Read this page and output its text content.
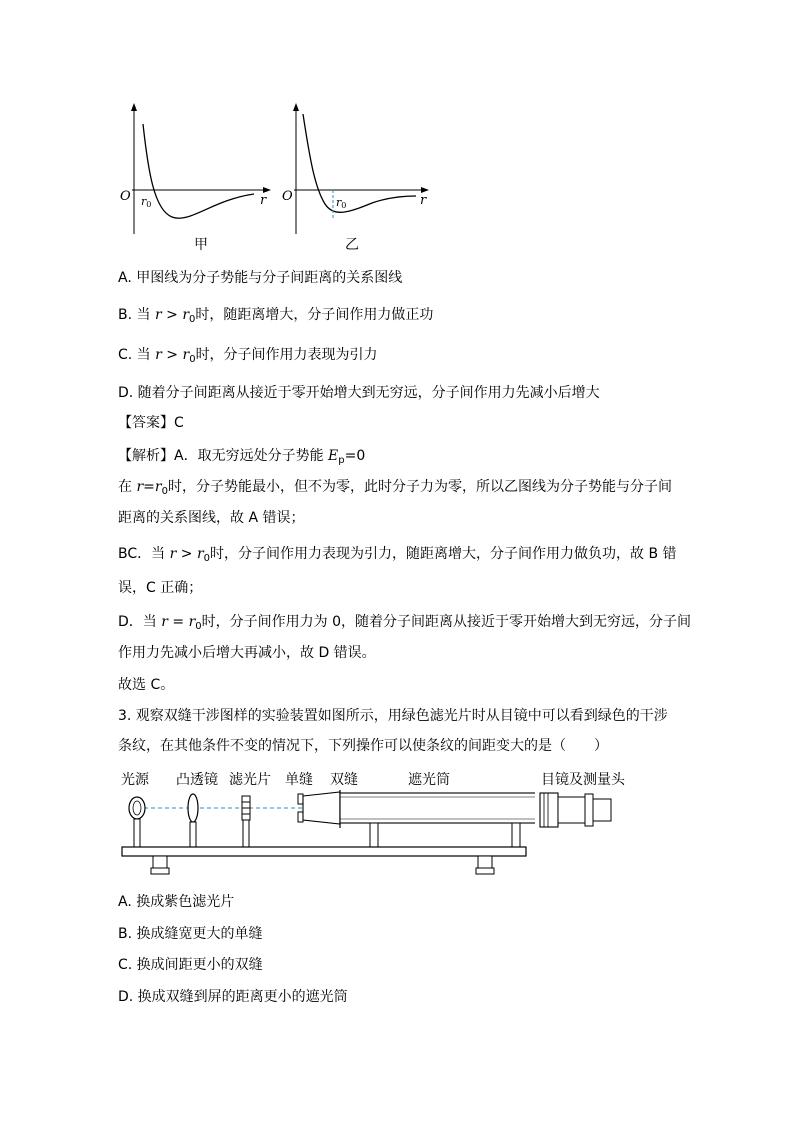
O r0	r O	r0	r
甲	乙
A. 甲图线为分子势能与分子间距离的关系图线
B. 当 $r > r_0$时，随距离增大，分子间作用力做正功
C. 当 $r > r_0$时，分子间作用力表现为引力
D. 随着分子间距离从接近于零开始增大到无穷远，分子间作用力先减小后增大
【答案】C
【解析】A．取无穷远处分子势能 $E_p=0$
在 $r=r_0$时，分子势能最小，但不为零，此时分子力为零，所以乙图线为分子势能与分子间
距离的关系图线，故 A 错误；
BC．当 $r > r_0$时，分子间作用力表现为引力，随距离增大，分子间作用力做负功，故 B 错
误，C 正确；
D．当 $r = r_0$时，分子间作用力为 0，随着分子间距离从接近于零开始增大到无穷远，分子间
作用力先减小后增大再减小，故 D 错误。
故选 C。
3. 观察双缝干涉图样的实验装置如图所示，用绿色滤光片时从目镜中可以看到绿色的干涉
条纹，在其他条件不变的情况下，下列操作可以使条纹的间距变大的是（　　）
光源 凸透镜 滤光片 单缝 双缝	遮光筒	目镜及测量头
A. 换成紫色滤光片
B. 换成缝宽更大的单缝
C. 换成间距更小的双缝
D. 换成双缝到屏的距离更小的遮光筒
